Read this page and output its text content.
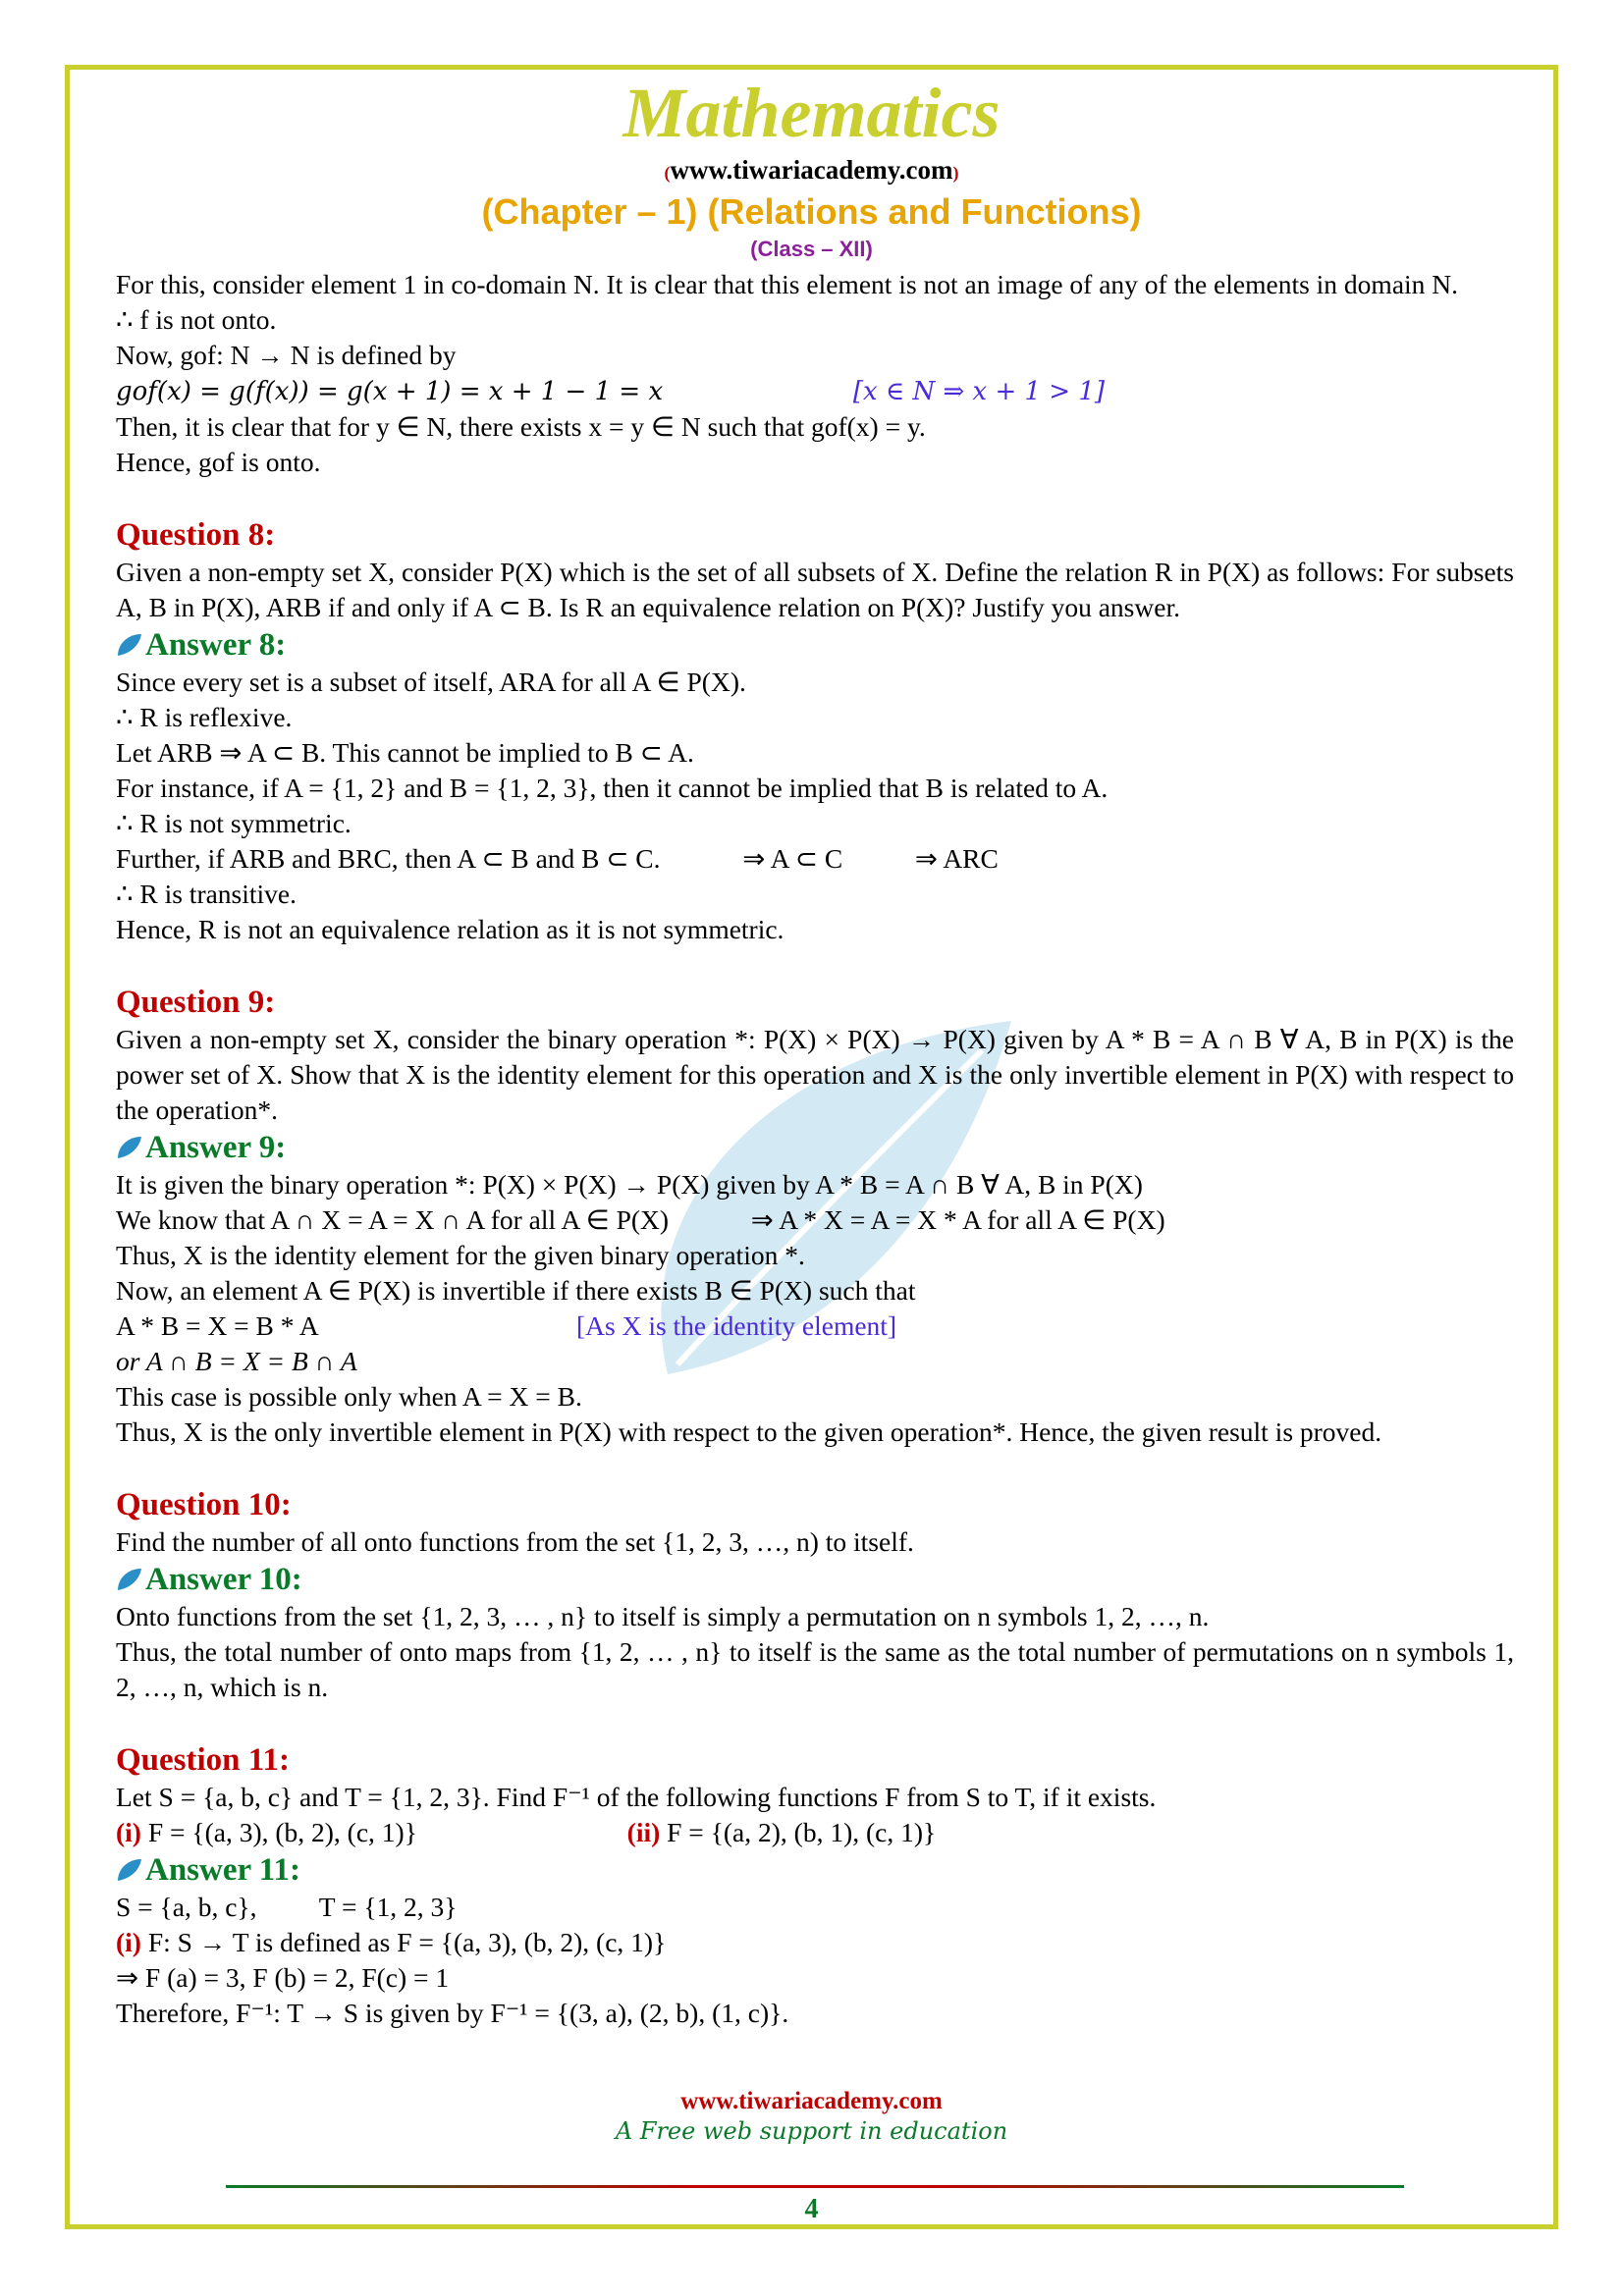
Mathematics
(www.tiwariacademy.com)
(Chapter – 1) (Relations and Functions)
(Class – XII)

For this, consider element 1 in co-domain N. It is clear that this element is not an image of any of the elements in domain N.

∴ f is not onto.

Now, gof: N → N is defined by

gof(x) = g(f(x)) = g(x + 1) = x + 1 − 1 = x	[x ∈ N ⇒ x + 1 > 1]

Then, it is clear that for y ∈ N, there exists x = y ∈ N such that gof(x) = y.

Hence, gof is onto.

Question 8:

Given a non-empty set X, consider P(X) which is the set of all subsets of X. Define the relation R in P(X) as follows: For subsets A, B in P(X), ARB if and only if A ⊂ B. Is R an equivalence relation on P(X)? Justify you answer.

Answer 8:

Since every set is a subset of itself, ARA for all A ∈ P(X).

∴ R is reflexive.

Let ARB ⇒ A ⊂ B. This cannot be implied to B ⊂ A.

For instance, if A = {1, 2} and B = {1, 2, 3}, then it cannot be implied that B is related to A.

∴ R is not symmetric.

Further, if ARB and BRC, then A ⊂ B and B ⊂ C.	⇒ A ⊂ C	⇒ ARC

∴ R is transitive.

Hence, R is not an equivalence relation as it is not symmetric.

Question 9:

Given a non-empty set X, consider the binary operation *: P(X) × P(X) → P(X) given by A * B = A ∩ B ∀ A, B in P(X) is the power set of X. Show that X is the identity element for this operation and X is the only invertible element in P(X) with respect to the operation*.

Answer 9:

It is given the binary operation *: P(X) × P(X) → P(X) given by A * B = A ∩ B ∀ A, B in P(X)

We know that A ∩ X = A = X ∩ A for all A ∈ P(X)	⇒ A * X = A = X * A for all A ∈ P(X)

Thus, X is the identity element for the given binary operation *.

Now, an element A ∈ P(X) is invertible if there exists B ∈ P(X) such that

A * B = X = B * A	[As X is the identity element]

or A ∩ B = X = B ∩ A

This case is possible only when A = X = B.

Thus, X is the only invertible element in P(X) with respect to the given operation*. Hence, the given result is proved.

Question 10:

Find the number of all onto functions from the set {1, 2, 3, …, n) to itself.

Answer 10:

Onto functions from the set {1, 2, 3, … , n} to itself is simply a permutation on n symbols 1, 2, …, n.

Thus, the total number of onto maps from {1, 2, … , n} to itself is the same as the total number of permutations on n symbols 1, 2, …, n, which is n.

Question 11:

Let S = {a, b, c} and T = {1, 2, 3}. Find F⁻¹ of the following functions F from S to T, if it exists.

(i) F = {(a, 3), (b, 2), (c, 1)}	(ii) F = {(a, 2), (b, 1), (c, 1)}

Answer 11:

S = {a, b, c}, T = {1, 2, 3}

(i) F: S → T is defined as F = {(a, 3), (b, 2), (c, 1)}

⇒ F (a) = 3, F (b) = 2, F(c) = 1

Therefore, F⁻¹: T → S is given by F⁻¹ = {(3, a), (2, b), (1, c)}.

www.tiwariacademy.com
A Free web support in education
4
